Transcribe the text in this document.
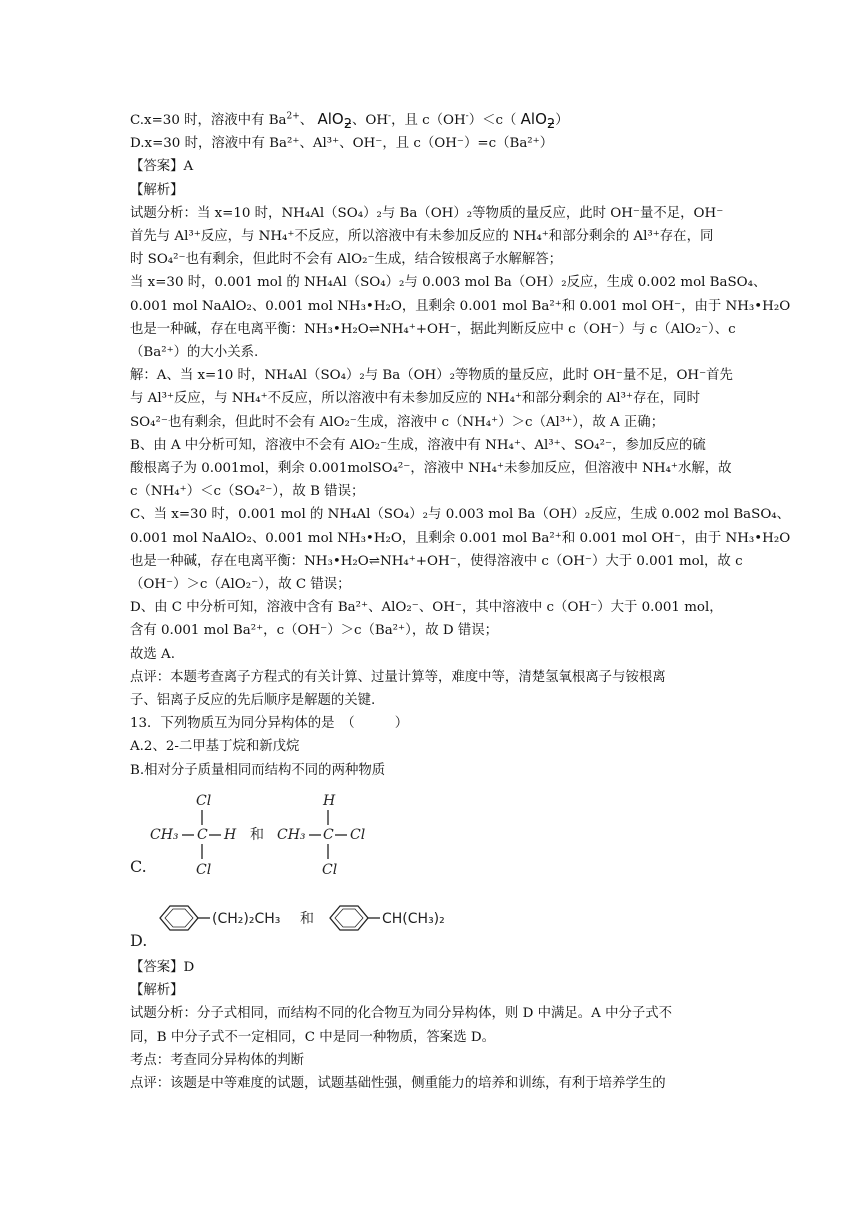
C.x=30 时，溶液中有 $Ba^{2+}$、 AlO$_2$、OH-，且 c（OH-）＜c（ AlO$_2$）
D.x=30 时，溶液中有 Ba²⁺、Al³⁺、OH⁻，且 c（OH⁻）=c（Ba²⁺）
【答案】A
【解析】
试题分析：当 x=10 时，NH₄Al（SO₄）₂与 Ba（OH）₂等物质的量反应，此时 OH⁻量不足，OH⁻
首先与 Al³⁺反应，与 NH₄⁺不反应，所以溶液中有未参加反应的 NH₄⁺和部分剩余的 Al³⁺存在，同
时 SO₄²⁻也有剩余，但此时不会有 AlO₂⁻生成，结合铵根离子水解解答；
当 x=30 时，0.001 mol 的 NH₄Al（SO₄）₂与 0.003 mol Ba（OH）₂反应，生成 0.002 mol BaSO₄、
0.001 mol NaAlO₂、0.001 mol NH₃•H₂O，且剩余 0.001 mol Ba²⁺和 0.001 mol OH⁻，由于 NH₃•H₂O
也是一种碱，存在电离平衡：NH₃•H₂O⇌NH₄⁺+OH⁻，据此判断反应中 c（OH⁻）与 c（AlO₂⁻）、c
（Ba²⁺）的大小关系.
解：A、当 x=10 时，NH₄Al（SO₄）₂与 Ba（OH）₂等物质的量反应，此时 OH⁻量不足，OH⁻首先
与 Al³⁺反应，与 NH₄⁺不反应，所以溶液中有未参加反应的 NH₄⁺和部分剩余的 Al³⁺存在，同时
SO₄²⁻也有剩余，但此时不会有 AlO₂⁻生成，溶液中 c（NH₄⁺）＞c（Al³⁺），故 A 正确；
B、由 A 中分析可知，溶液中不会有 AlO₂⁻生成，溶液中有 NH₄⁺、Al³⁺、SO₄²⁻，参加反应的硫
酸根离子为 0.001mol，剩余 0.001molSO₄²⁻，溶液中 NH₄⁺未参加反应，但溶液中 NH₄⁺水解，故
c（NH₄⁺）＜c（SO₄²⁻），故 B 错误；
C、当 x=30 时，0.001 mol 的 NH₄Al（SO₄）₂与 0.003 mol Ba（OH）₂反应，生成 0.002 mol BaSO₄、
0.001 mol NaAlO₂、0.001 mol NH₃•H₂O，且剩余 0.001 mol Ba²⁺和 0.001 mol OH⁻，由于 NH₃•H₂O
也是一种碱，存在电离平衡：NH₃•H₂O⇌NH₄⁺+OH⁻，使得溶液中 c（OH⁻）大于 0.001 mol，故 c
（OH⁻）＞c（AlO₂⁻），故 C 错误；
D、由 C 中分析可知，溶液中含有 Ba²⁺、AlO₂⁻、OH⁻，其中溶液中 c（OH⁻）大于 0.001 mol，
含有 0.001 mol Ba²⁺，c（OH⁻）＞c（Ba²⁺），故 D 错误；
故选 A.
点评：本题考查离子方程式的有关计算、过量计算等，难度中等，清楚氢氧根离子与铵根离
子、铝离子反应的先后顺序是解题的关键.
13．下列物质互为同分异构体的是　（　　　）
A.2、2-二甲基丁烷和新戊烷
B.相对分子质量相同而结构不同的两种物质
C.
Cl
CH₃ C H
Cl
和
H
CH₃ C Cl
Cl
D.
(CH₂)₂CH₃ 和	CH(CH₃)₂
【答案】D
【解析】
试题分析：分子式相同，而结构不同的化合物互为同分异构体，则 D 中满足。A 中分子式不
同，B 中分子式不一定相同，C 中是同一种物质，答案选 D。
考点：考查同分异构体的判断
点评：该题是中等难度的试题，试题基础性强，侧重能力的培养和训练，有利于培养学生的
